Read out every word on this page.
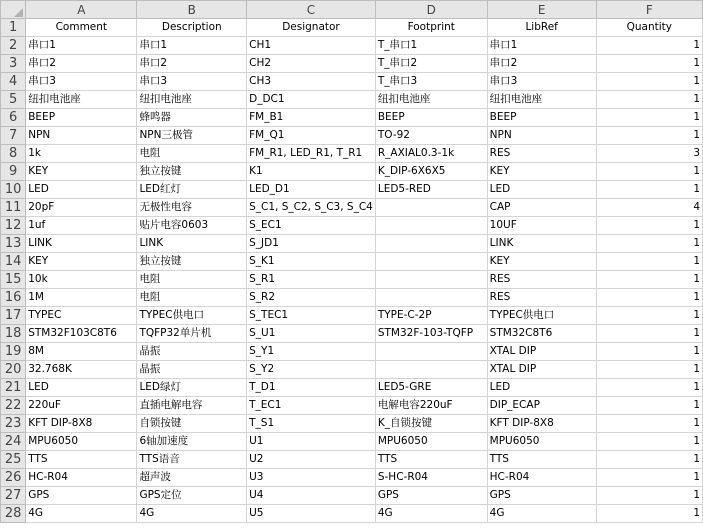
	A	B	C	D	E	F
1	Comment	Description	Designator	Footprint	LibRef	Quantity
2	串口1	串口1	CH1	T_串口1	串口1	1
3	串口2	串口2	CH2	T_串口2	串口2	1
4	串口3	串口3	CH3	T_串口3	串口3	1
5	纽扣电池座	纽扣电池座	D_DC1	纽扣电池座	纽扣电池座	1
6	BEEP	蜂鸣器	FM_B1	BEEP	BEEP	1
7	NPN	NPN三极管	FM_Q1	TO-92	NPN	1
8	1k	电阻	FM_R1, LED_R1, T_R1	R_AXIAL0.3-1k	RES	3
9	KEY	独立按键	K1	K_DIP-6X6X5	KEY	1
10	LED	LED红灯	LED_D1	LED5-RED	LED	1
11	20pF	无极性电容	S_C1, S_C2, S_C3, S_C4		CAP	4
12	1uf	贴片电容0603	S_EC1		10UF	1
13	LINK	LINK	S_JD1		LINK	1
14	KEY	独立按键	S_K1		KEY	1
15	10k	电阻	S_R1		RES	1
16	1M	电阻	S_R2		RES	1
17	TYPEC	TYPEC供电口	S_TEC1	TYPE-C-2P	TYPEC供电口	1
18	STM32F103C8T6	TQFP32单片机	S_U1	STM32F-103-TQFP	STM32C8T6	1
19	8M	晶振	S_Y1		XTAL DIP	1
20	32.768K	晶振	S_Y2		XTAL DIP	1
21	LED	LED绿灯	T_D1	LED5-GRE	LED	1
22	220uF	直插电解电容	T_EC1	电解电容220uF	DIP_ECAP	1
23	KFT DIP-8X8	自锁按键	T_S1	K_自锁按键	KFT DIP-8X8	1
24	MPU6050	6轴加速度	U1	MPU6050	MPU6050	1
25	TTS	TTS语音	U2	TTS	TTS	1
26	HC-R04	超声波	U3	S-HC-R04	HC-R04	1
27	GPS	GPS定位	U4	GPS	GPS	1
28	4G	4G	U5	4G	4G	1
